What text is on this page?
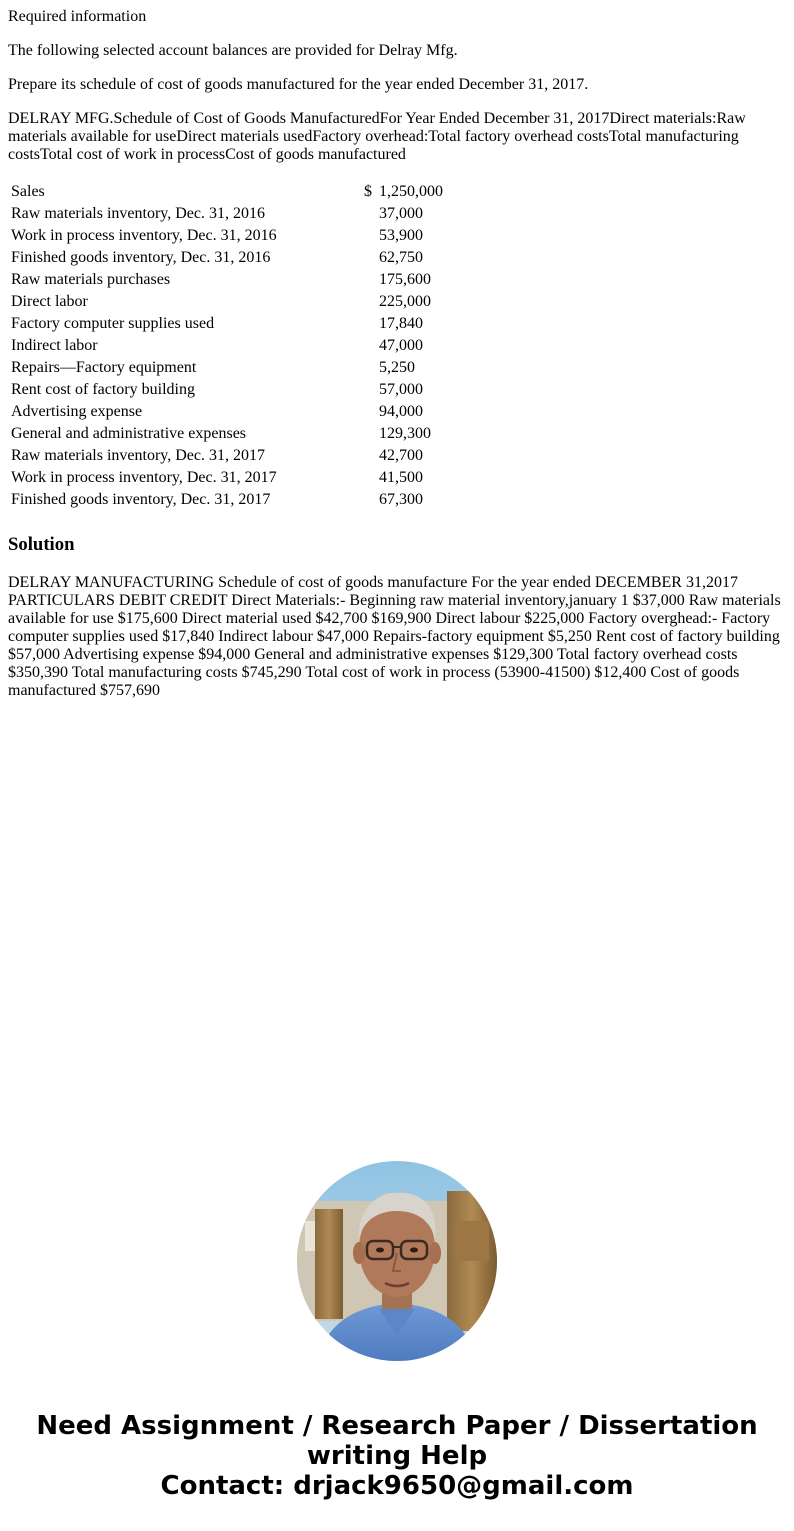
Required information

The following selected account balances are provided for Delray Mfg.

Prepare its schedule of cost of goods manufactured for the year ended December 31, 2017.

DELRAY MFG.Schedule of Cost of Goods ManufacturedFor Year Ended December 31, 2017Direct materials:Raw materials available for useDirect materials usedFactory overhead:Total factory overhead costsTotal manufacturing costsTotal cost of work in processCost of goods manufactured

Sales	$	1,250,000
Raw materials inventory, Dec. 31, 2016		37,000
Work in process inventory, Dec. 31, 2016		53,900
Finished goods inventory, Dec. 31, 2016		62,750
Raw materials purchases		175,600
Direct labor		225,000
Factory computer supplies used		17,840
Indirect labor		47,000
Repairs—Factory equipment		5,250
Rent cost of factory building		57,000
Advertising expense		94,000
General and administrative expenses		129,300
Raw materials inventory, Dec. 31, 2017		42,700
Work in process inventory, Dec. 31, 2017		41,500
Finished goods inventory, Dec. 31, 2017		67,300
Solution

DELRAY MANUFACTURING Schedule of cost of goods manufacture For the year ended DECEMBER 31,2017 PARTICULARS DEBIT CREDIT Direct Materials:- Beginning raw material inventory,january 1 $37,000 Raw materials available for use $175,600 Direct material used $42,700 $169,900 Direct labour $225,000 Factory overghead:- Factory computer supplies used $17,840 Indirect labour $47,000 Repairs-factory equipment $5,250 Rent cost of factory building $57,000 Advertising expense $94,000 General and administrative expenses $129,300 Total factory overhead costs $350,390 Total manufacturing costs $745,290 Total cost of work in process (53900-41500) $12,400 Cost of goods manufactured $757,690

Need Assignment / Research Paper / Dissertation
writing Help
Contact: drjack9650@gmail.com
